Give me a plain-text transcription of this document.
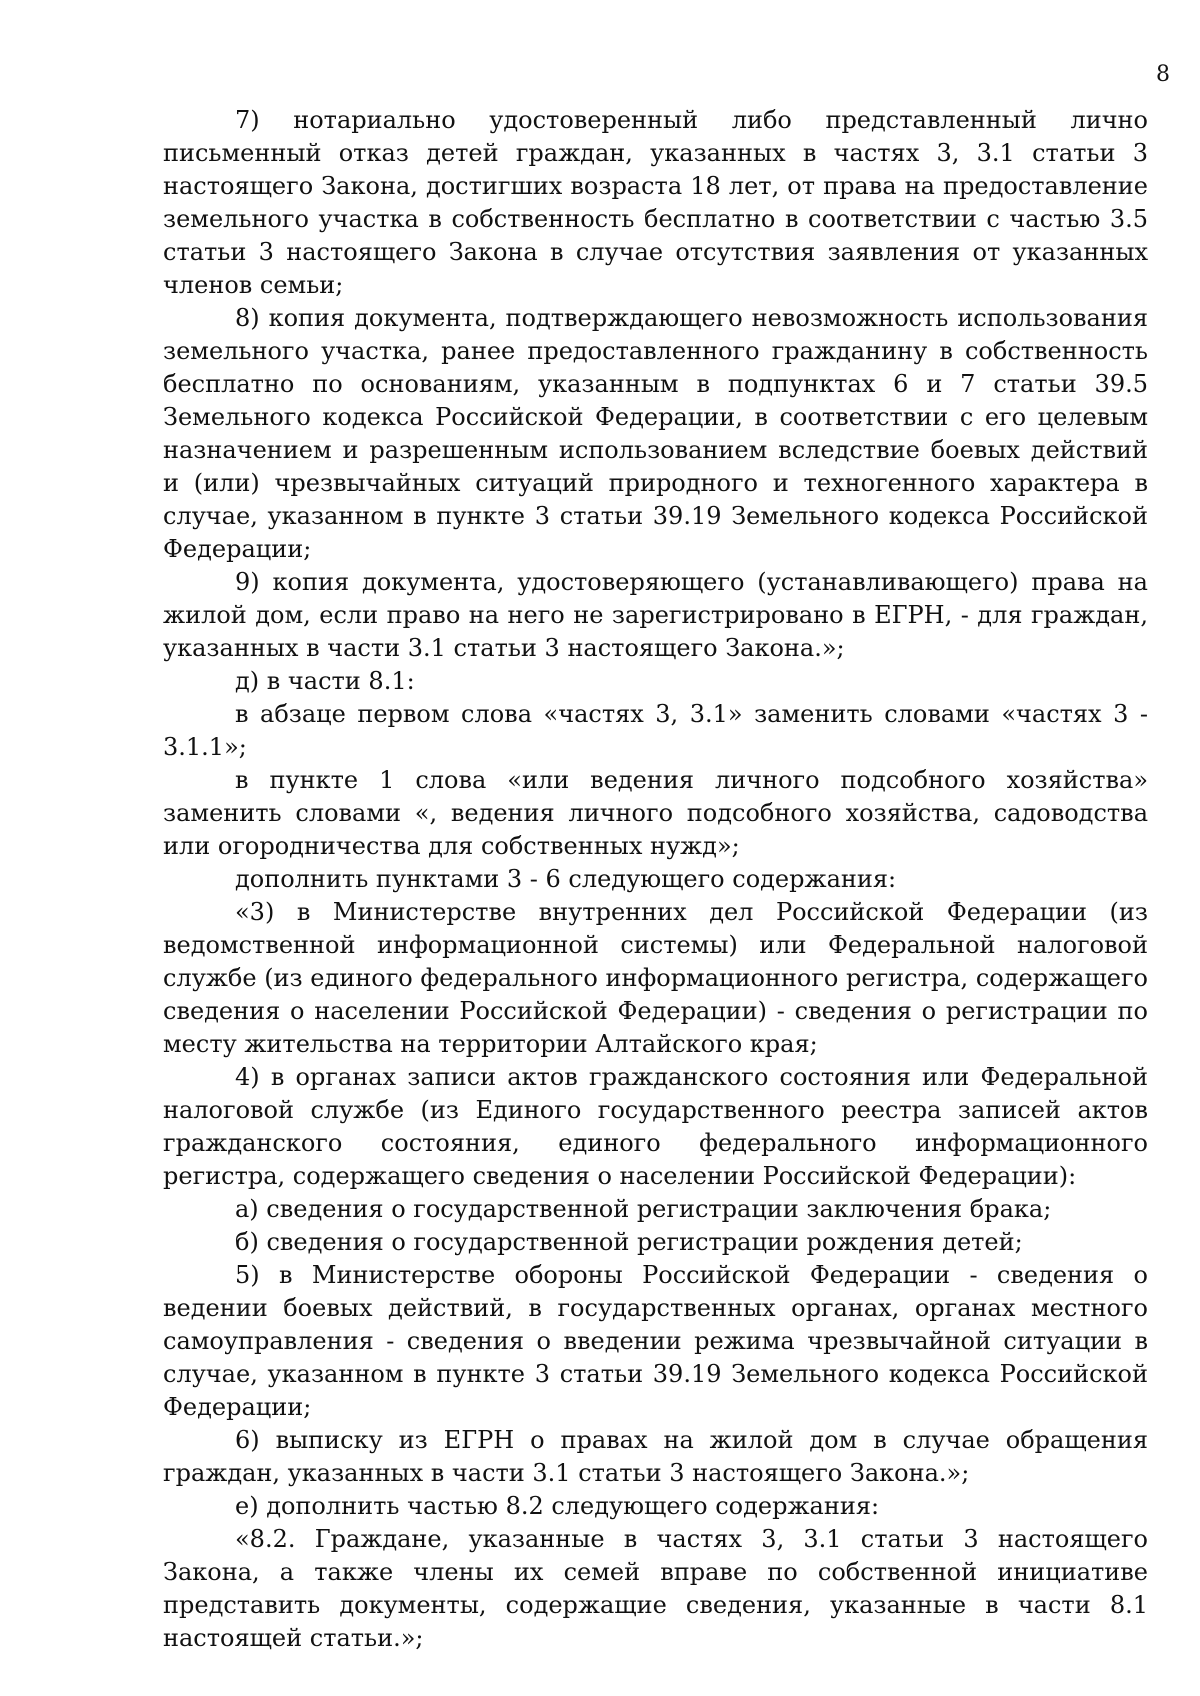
8

7) нотариально удостоверенный либо представленный лично письменный отказ детей граждан, указанных в частях 3, 3.1 статьи 3 настоящего Закона, достигших возраста 18 лет, от права на предоставление земельного участка в собственность бесплатно в соответствии с частью 3.5 статьи 3 настоящего Закона в случае отсутствия заявления от указанных членов семьи;

8) копия документа, подтверждающего невозможность использования земельного участка, ранее предоставленного гражданину в собственность бесплатно по основаниям, указанным в подпунктах 6 и 7 статьи 39.5 Земельного кодекса Российской Федерации, в соответствии с его целевым назначением и разрешенным использованием вследствие боевых действий и (или) чрезвычайных ситуаций природного и техногенного характера в случае, указанном в пункте 3 статьи 39.19 Земельного кодекса Российской Федерации;

9) копия документа, удостоверяющего (устанавливающего) права на жилой дом, если право на него не зарегистрировано в ЕГРН, - для граждан, указанных в части 3.1 статьи 3 настоящего Закона.»;

д) в части 8.1:

в абзаце первом слова «частях 3, 3.1» заменить словами «частях 3 - 3.1.1»;

в пункте 1 слова «или ведения личного подсобного хозяйства» заменить словами «, ведения личного подсобного хозяйства, садоводства или огородничества для собственных нужд»;

дополнить пунктами 3 - 6 следующего содержания:

«3) в Министерстве внутренних дел Российской Федерации (из ведомственной информационной системы) или Федеральной налоговой службе (из единого федерального информационного регистра, содержащего сведения о населении Российской Федерации) - сведения о регистрации по месту жительства на территории Алтайского края;

4) в органах записи актов гражданского состояния или Федеральной налоговой службе (из Единого государственного реестра записей актов гражданского состояния, единого федерального информационного регистра, содержащего сведения о населении Российской Федерации):

а) сведения о государственной регистрации заключения брака;

б) сведения о государственной регистрации рождения детей;

5) в Министерстве обороны Российской Федерации - сведения о ведении боевых действий, в государственных органах, органах местного самоуправления - сведения о введении режима чрезвычайной ситуации в случае, указанном в пункте 3 статьи 39.19 Земельного кодекса Российской Федерации;

6) выписку из ЕГРН о правах на жилой дом в случае обращения граждан, указанных в части 3.1 статьи 3 настоящего Закона.»;

е) дополнить частью 8.2 следующего содержания:

«8.2. Граждане, указанные в частях 3, 3.1 статьи 3 настоящего Закона, а также члены их семей вправе по собственной инициативе представить документы, содержащие сведения, указанные в части 8.1 настоящей статьи.»;
